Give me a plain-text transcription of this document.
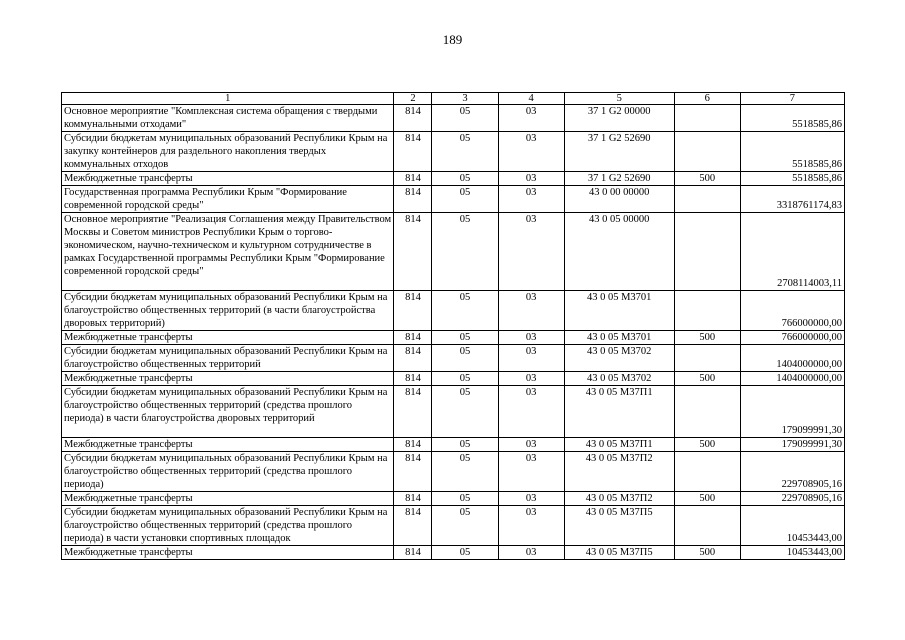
189
1	2	3	4	5	6	7
Основное мероприятие "Комплексная система обращения с твердыми коммунальными отходами"	814	05	03	37 1 G2 00000		5518585,86
Субсидии бюджетам муниципальных образований Республики Крым на закупку контейнеров для раздельного накопления твердых коммунальных отходов	814	05	03	37 1 G2 52690		5518585,86
Межбюджетные трансферты	814	05	03	37 1 G2 52690	500	5518585,86
Государственная программа Республики Крым "Формирование современной городской среды"	814	05	03	43 0 00 00000		3318761174,83
Основное мероприятие "Реализация Соглашения между Правительством Москвы и Советом министров Республики Крым о торгово-экономическом, научно-техническом и культурном сотрудничестве в рамках Государственной программы Республики Крым "Формирование современной городской среды"	814	05	03	43 0 05 00000		2708114003,11
Субсидии бюджетам муниципальных образований Республики Крым на благоустройство общественных территорий (в части благоустройства дворовых территорий)	814	05	03	43 0 05 М3701		766000000,00
Межбюджетные трансферты	814	05	03	43 0 05 М3701	500	766000000,00
Субсидии бюджетам муниципальных образований Республики Крым на благоустройство общественных территорий	814	05	03	43 0 05 М3702		1404000000,00
Межбюджетные трансферты	814	05	03	43 0 05 М3702	500	1404000000,00
Субсидии бюджетам муниципальных образований Республики Крым на благоустройство общественных территорий (средства прошлого периода) в части благоустройства дворовых территорий	814	05	03	43 0 05 М37П1		179099991,30
Межбюджетные трансферты	814	05	03	43 0 05 М37П1	500	179099991,30
Субсидии бюджетам муниципальных образований Республики Крым на благоустройство общественных территорий (средства прошлого периода)	814	05	03	43 0 05 М37П2		229708905,16
Межбюджетные трансферты	814	05	03	43 0 05 М37П2	500	229708905,16
Субсидии бюджетам муниципальных образований Республики Крым на благоустройство общественных территорий (средства прошлого периода) в части установки спортивных площадок	814	05	03	43 0 05 М37П5		10453443,00
Межбюджетные трансферты	814	05	03	43 0 05 М37П5	500	10453443,00
